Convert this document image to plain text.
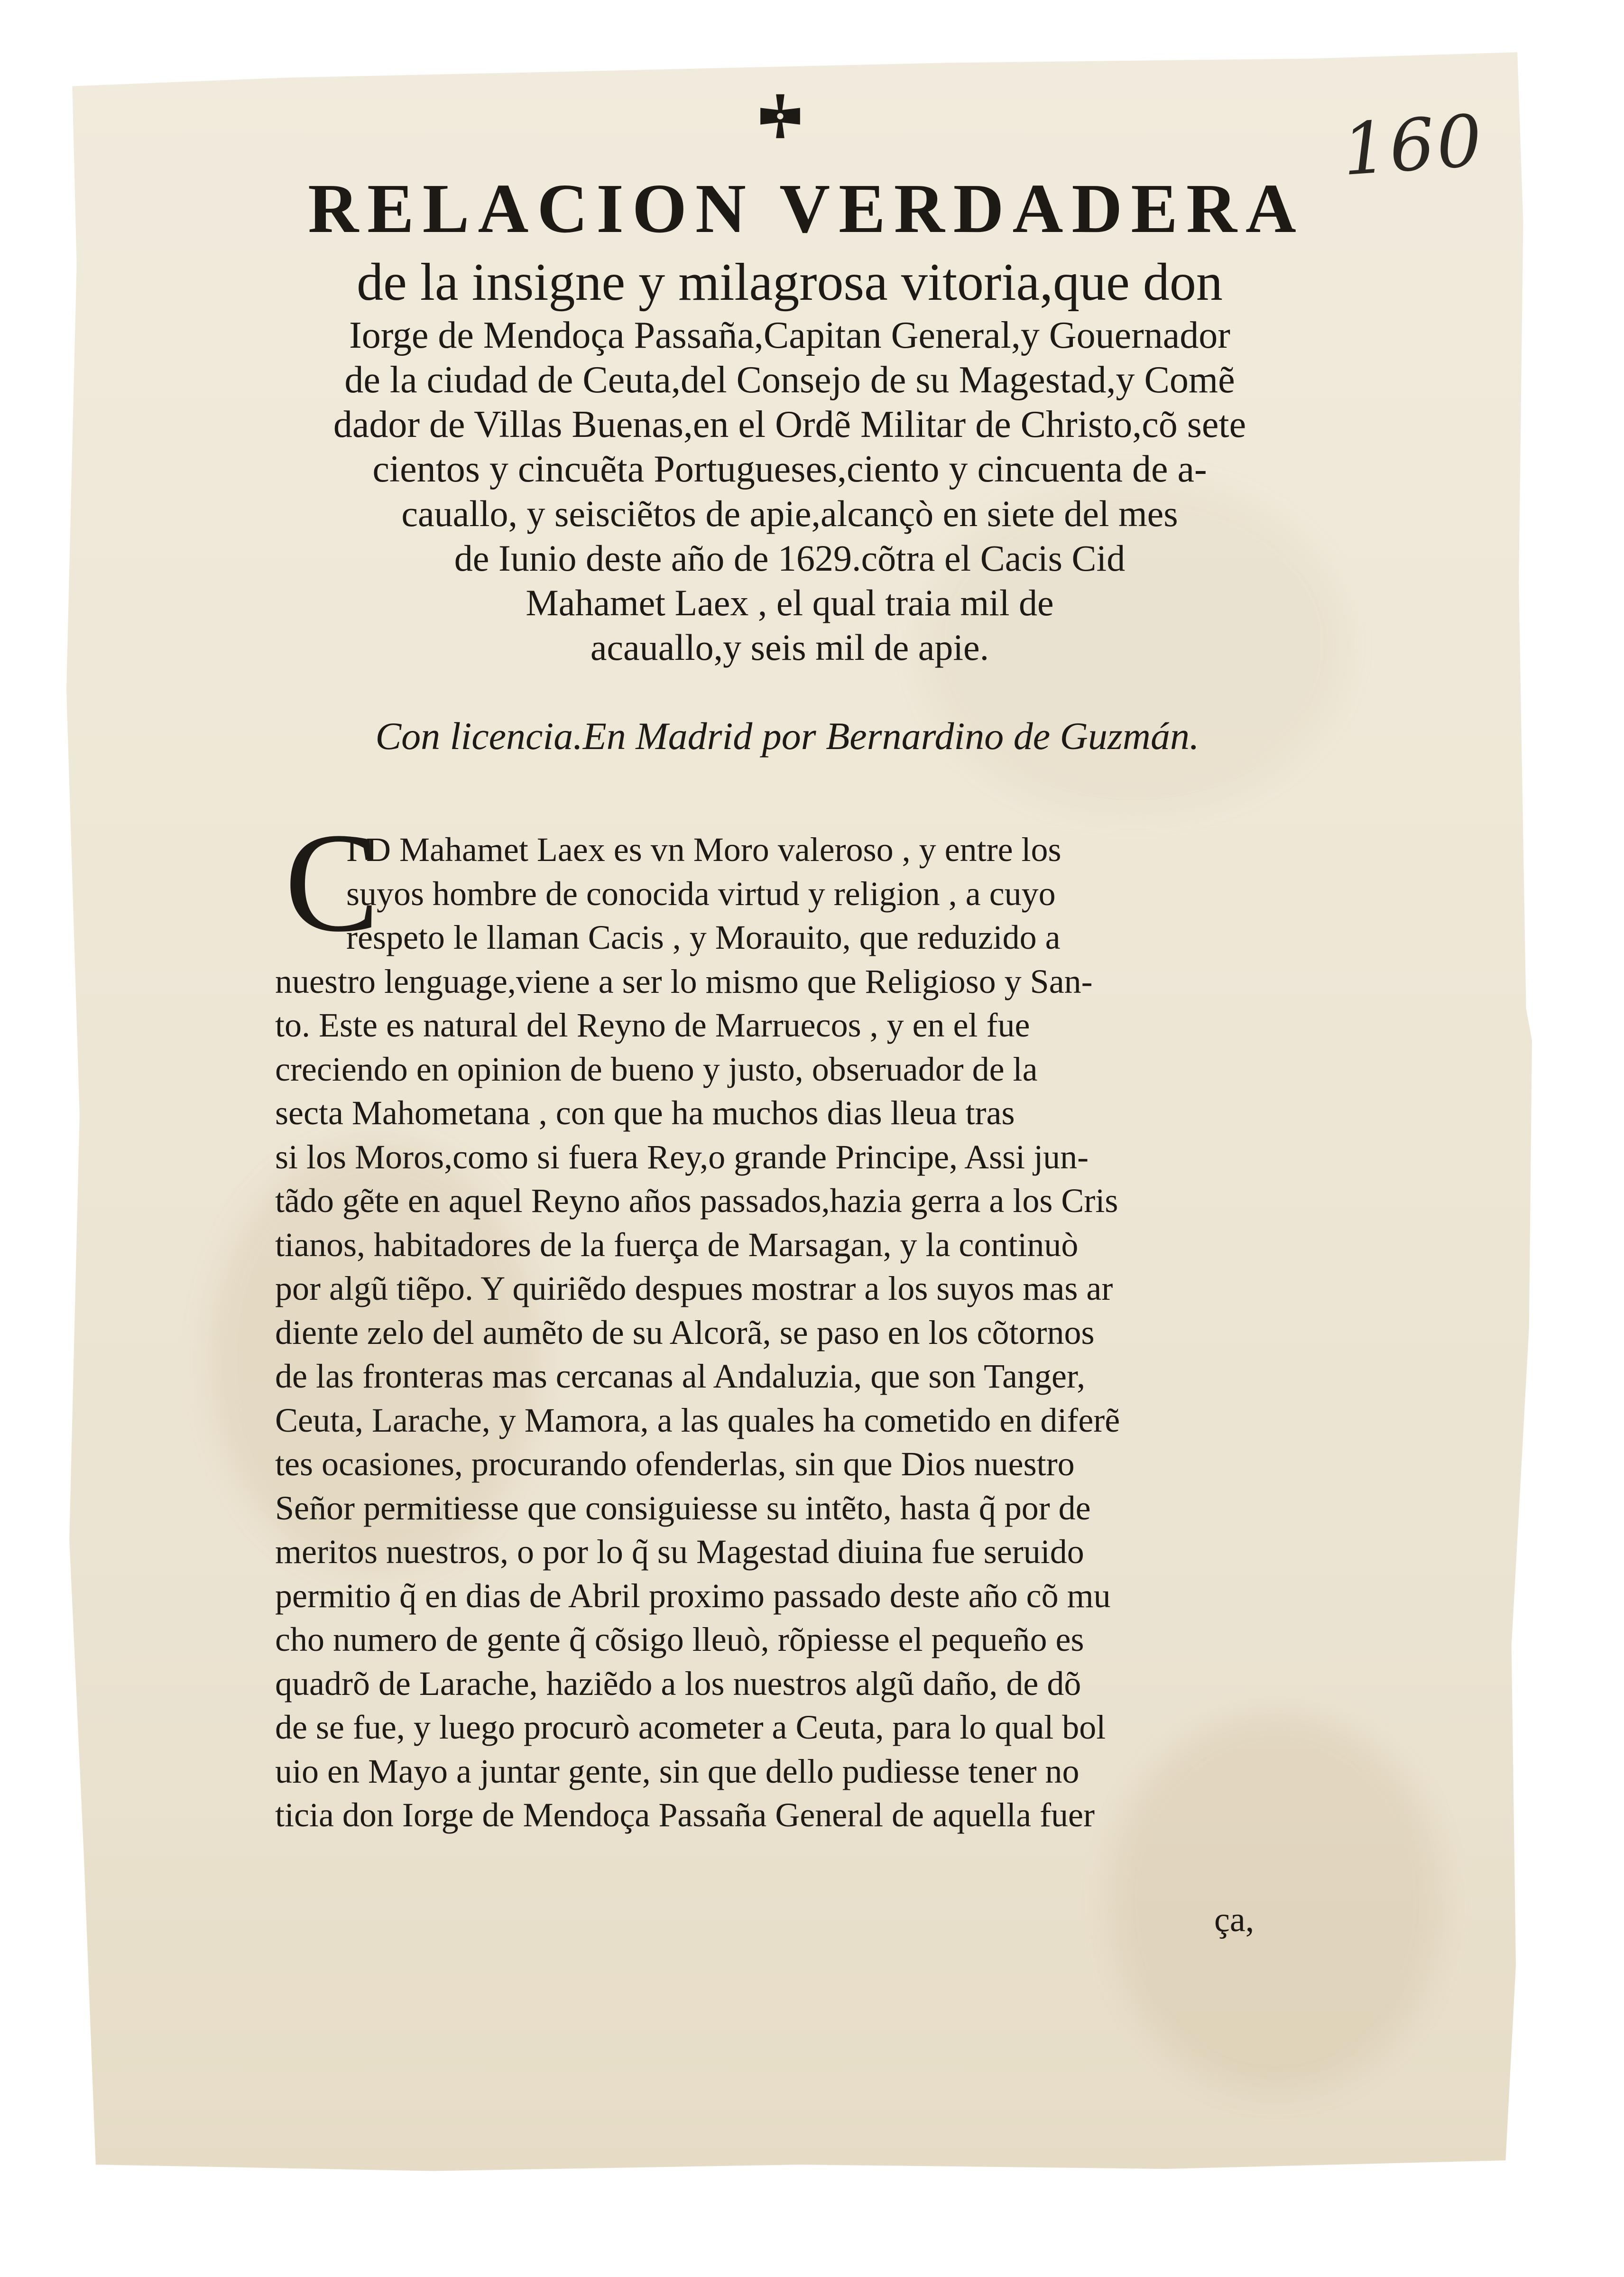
160
RELACION VERDADERA
de la insigne y milagrosa vitoria,que don
Iorge de Mendoça Passaña,Capitan General,y Gouernador
de la ciudad de Ceuta,del Consejo de su Magestad,y Comẽ
dador de Villas Buenas,en el Ordẽ Militar de Christo,cõ sete
cientos y cincuẽta Portugueses,ciento y cincuenta de a-
cauallo, y seisciẽtos de apie,alcançò en siete del mes
de Iunio deste año de 1629.cõtra el Cacis Cid
Mahamet Laex , el qual traia mil de
acauallo,y seis mil de apie.
Con licencia.En Madrid por Bernardino de Guzmán.
C
I D Mahamet Laex es vn Moro valeroso , y entre los
suyos hombre de conocida virtud y religion , a cuyo
respeto le llaman Cacis , y Morauito, que reduzido a
nuestro lenguage,viene a ser lo mismo que Religioso y San-
to. Este es natural del Reyno de Marruecos , y en el fue
creciendo en opinion de bueno y justo, obseruador de la
secta Mahometana , con que ha muchos dias lleua tras
si los Moros,como si fuera Rey,o grande Principe, Assi jun-
tãdo gẽte en aquel Reyno años passados,hazia gerra a los Cris
tianos, habitadores de la fuerça de Marsagan, y la continuò
por algũ tiẽpo. Y quiriẽdo despues mostrar a los suyos mas ar
diente zelo del aumẽto de su Alcorã, se paso en los cõtornos
de las fronteras mas cercanas al Andaluzia, que son Tanger,
Ceuta, Larache, y Mamora, a las quales ha cometido en diferẽ
tes ocasiones, procurando ofenderlas, sin que Dios nuestro
Señor permitiesse que consiguiesse su intẽto, hasta q̃ por de
meritos nuestros, o por lo q̃ su Magestad diuina fue seruido
permitio q̃ en dias de Abril proximo passado deste año cõ mu
cho numero de gente q̃ cõsigo lleuò, rõpiesse el pequeño es
quadrõ de Larache, haziẽdo a los nuestros algũ daño, de dõ
de se fue, y luego procurò acometer a Ceuta, para lo qual bol
uio en Mayo a juntar gente, sin que dello pudiesse tener no
ticia don Iorge de Mendoça Passaña General de aquella fuer
ça,
